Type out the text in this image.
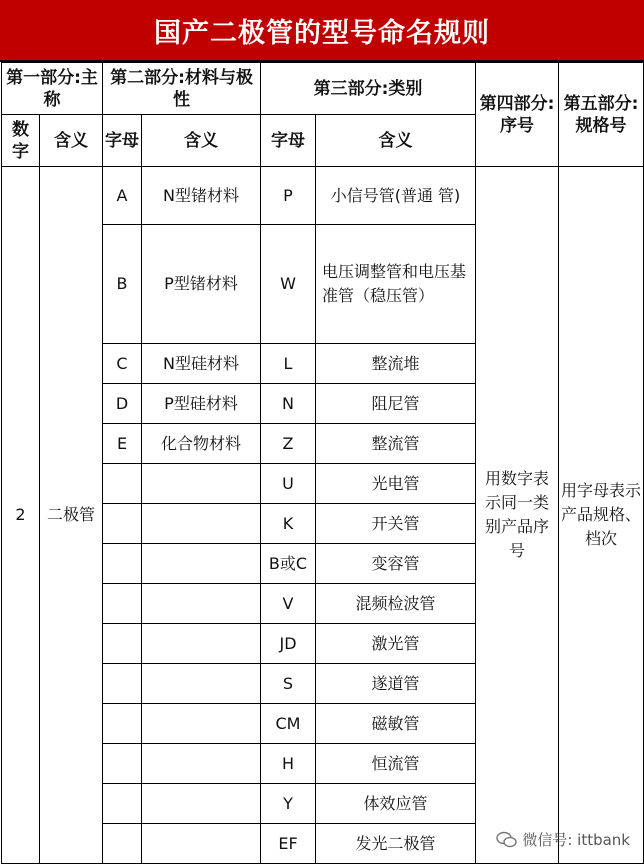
国产二极管的型号命名规则
第一部分:主称		第二部分:材料与极性		第三部分:类别		第四部分:序号	第五部分:规格号
数字	含义	字母	含义	字母	含义		
2	二极管	A	N型锗材料	P	小信号管(普通 管)	用数字表示同一类别产品序号	用字母表示产品规格、档次
		B	P型锗材料	W	电压调整管和电压基准管（稳压管）		
		C	N型硅材料	L	整流堆		
		D	P型硅材料	N	阻尼管		
		E	化合物材料	Z	整流管		
				U	光电管		
				K	开关管		
				B或C	变容管		
				V	混频检波管		
				JD	激光管		
				S	遂道管		
				CM	磁敏管		
				H	恒流管		
				Y	体效应管		
				EF	发光二极管			微信号: ittbank
